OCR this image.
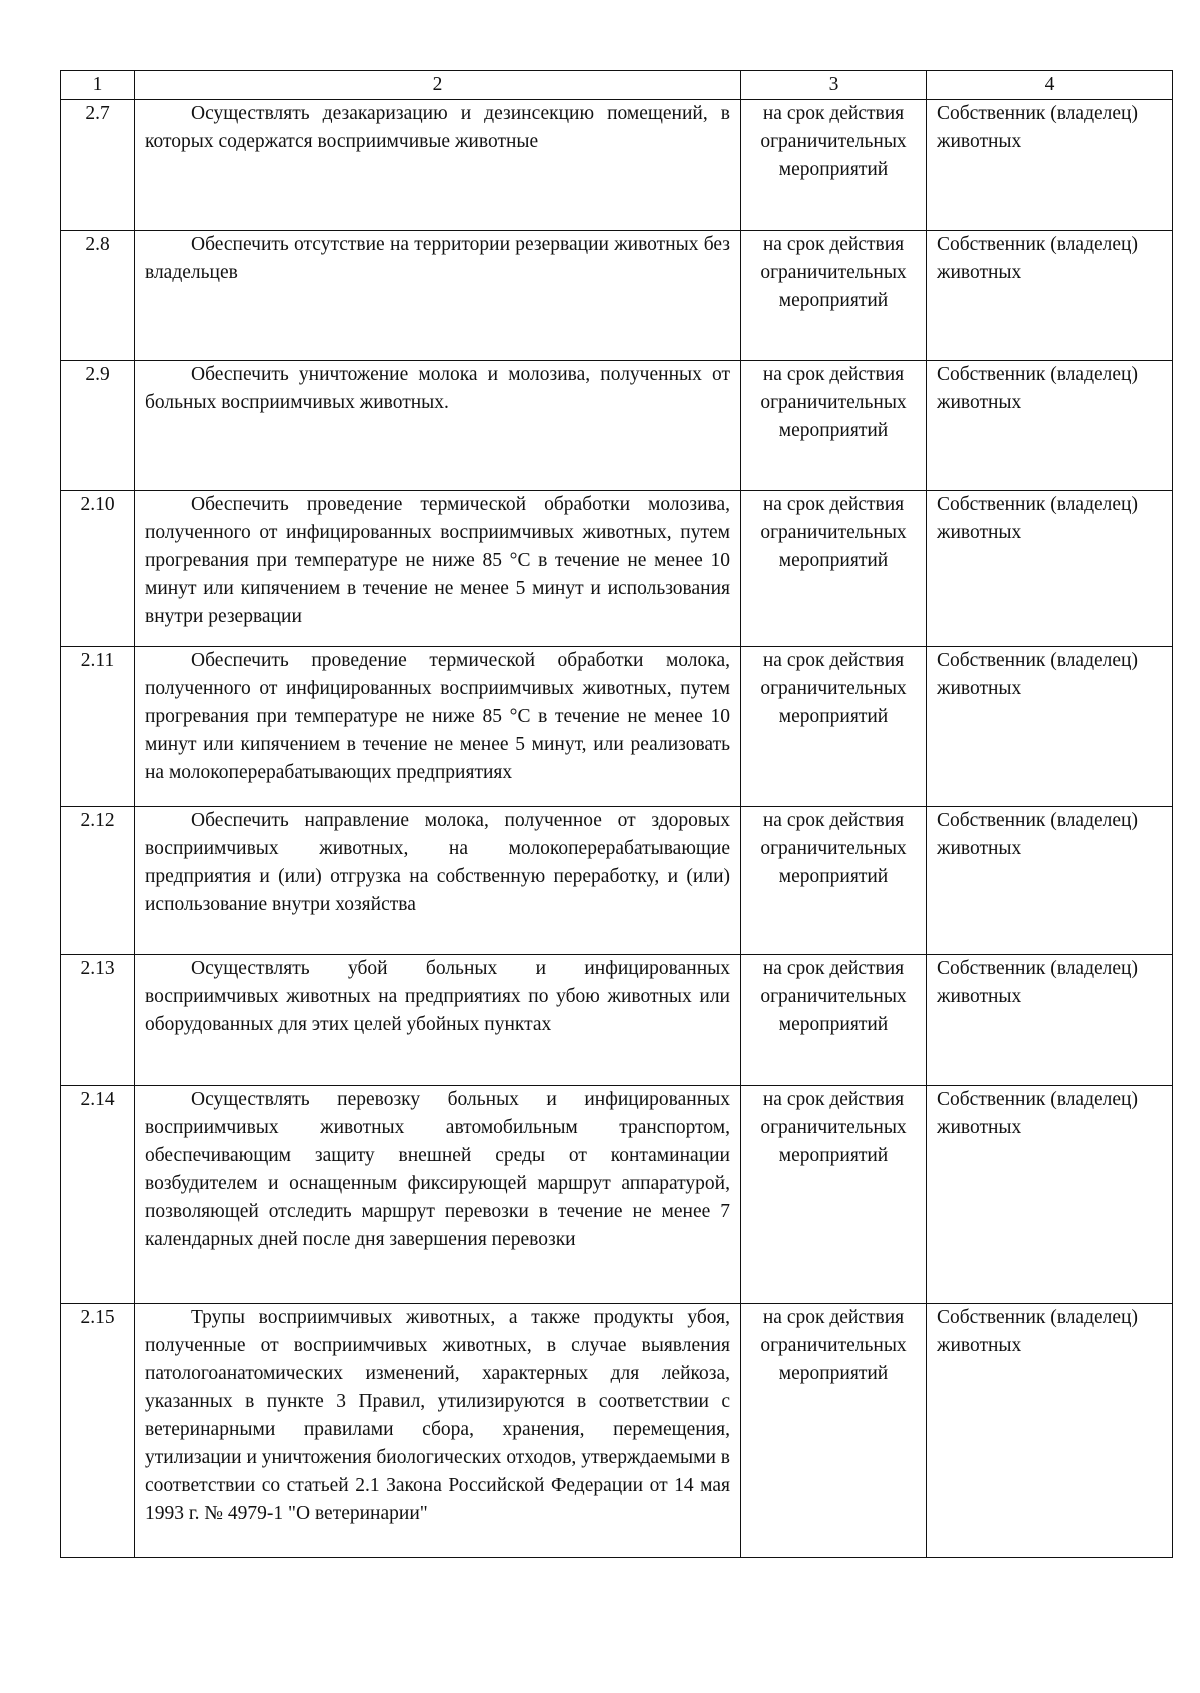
1	2	3	4
2.7	Осуществлять дезакаризацию и дезинсекцию помещений, в которых содержатся восприимчивые животные	на срок действия ограничительных мероприятий	Собственник (владелец) животных
2.8	Обеспечить отсутствие на территории резервации животных без владельцев	на срок действия ограничительных мероприятий	Собственник (владелец) животных
2.9	Обеспечить уничтожение молока и молозива, полученных от больных восприимчивых животных.	на срок действия ограничительных мероприятий	Собственник (владелец) животных
2.10	Обеспечить проведение термической обработки молозива, полученного от инфицированных восприимчивых животных, путем прогревания при температуре не ниже 85 °С в течение не менее 10 минут или кипячением в течение не менее 5 минут и использования внутри резервации	на срок действия ограничительных мероприятий	Собственник (владелец) животных
2.11	Обеспечить проведение термической обработки молока, полученного от инфицированных восприимчивых животных, путем прогревания при температуре не ниже 85 °С в течение не менее 10 минут или кипячением в течение не менее 5 минут, или реализовать на молокоперерабатывающих предприятиях	на срок действия ограничительных мероприятий	Собственник (владелец) животных
2.12	Обеспечить направление молока, полученное от здоровых восприимчивых животных, на молокоперерабатывающие предприятия и (или) отгрузка на собственную переработку, и (или) использование внутри хозяйства	на срок действия ограничительных мероприятий	Собственник (владелец) животных
2.13	Осуществлять убой больных и инфицированных восприимчивых животных на предприятиях по убою животных или оборудованных для этих целей убойных пунктах	на срок действия ограничительных мероприятий	Собственник (владелец) животных
2.14	Осуществлять перевозку больных и инфицированных восприимчивых животных автомобильным транспортом, обеспечивающим защиту внешней среды от контаминации возбудителем и оснащенным фиксирующей маршрут аппаратурой, позволяющей отследить маршрут перевозки в течение не менее 7 календарных дней после дня завершения перевозки	на срок действия ограничительных мероприятий	Собственник (владелец) животных
2.15	Трупы восприимчивых животных, а также продукты убоя, полученные от восприимчивых животных, в случае выявления патологоанатомических изменений, характерных для лейкоза, указанных в пункте 3 Правил, утилизируются в соответствии с ветеринарными правилами сбора, хранения, перемещения, утилизации и уничтожения биологических отходов, утверждаемыми в соответствии со статьей 2.1 Закона Российской Федерации от 14 мая 1993 г. № 4979-1 "О ветеринарии"	на срок действия ограничительных мероприятий	Собственник (владелец) животных
